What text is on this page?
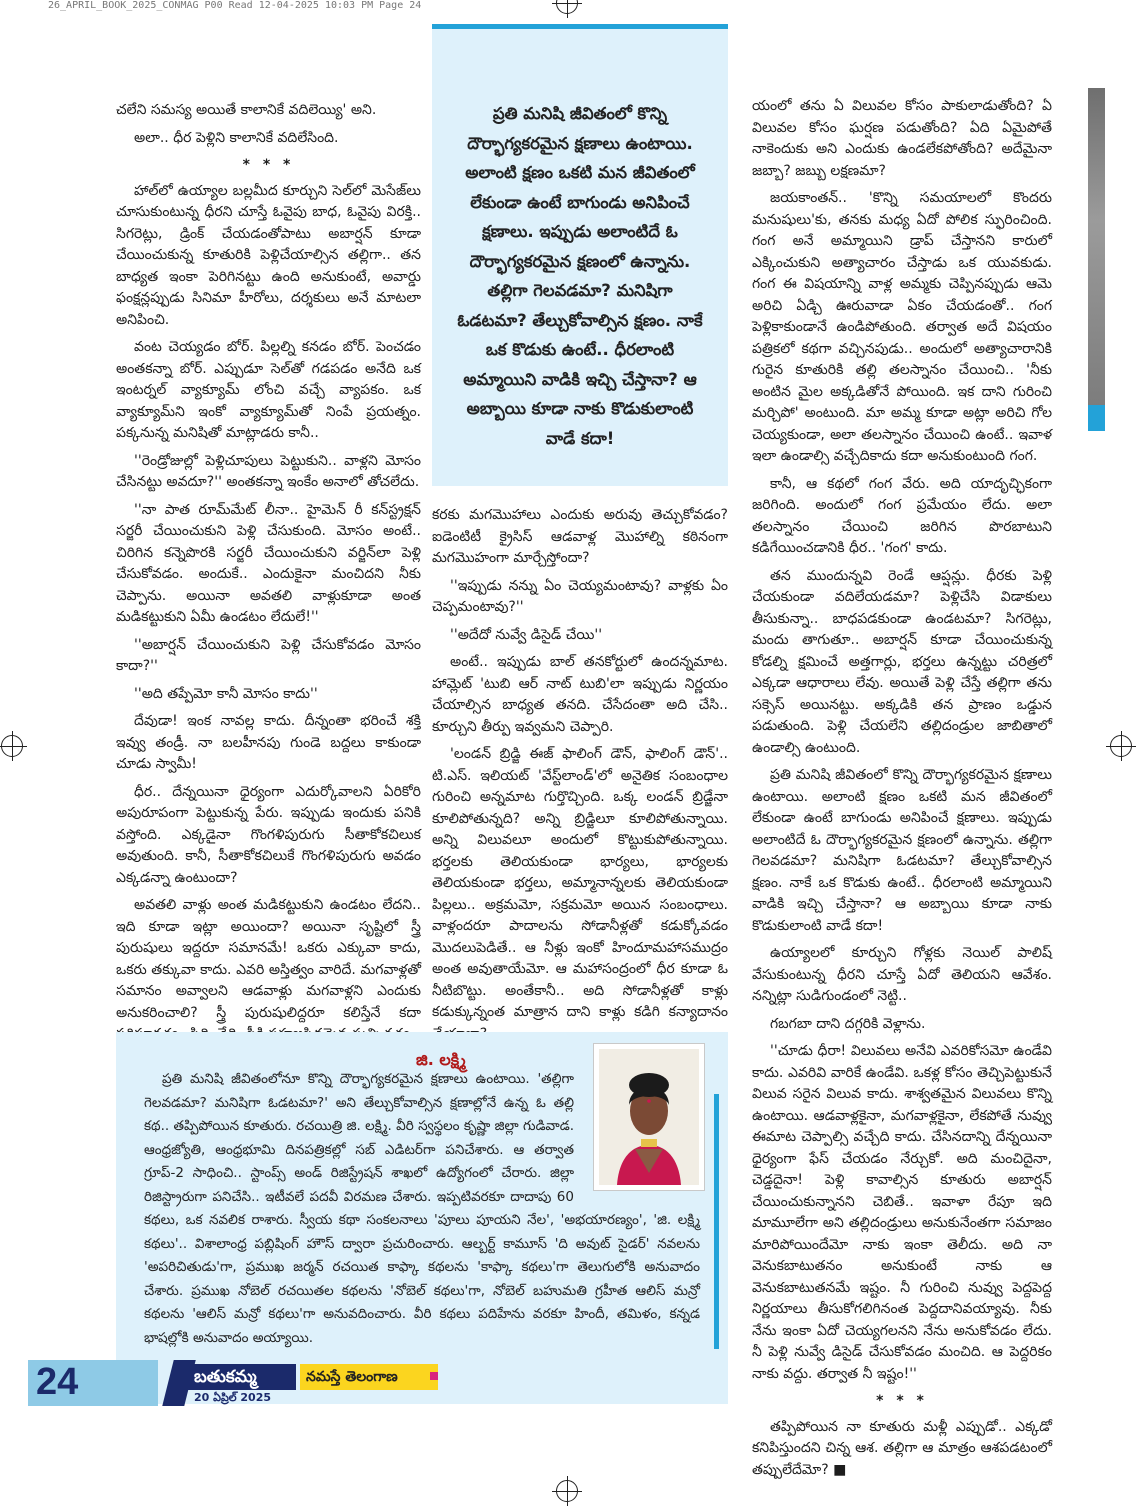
26_APRIL_BOOK_2025_CONMAG P00 Read 12-04-2025 10:03 PM Page 24

చలేని సమస్య అయితే కాలానికే వదిలెయ్యి' అని.

అలా.. ధీర పెళ్లిని కాలానికే వదిలేసింది.

* * *

హాల్‌లో ఉయ్యాల బల్లమీద కూర్చుని సెల్‌లో మెసేజ్‌లు చూసుకుంటున్న ధీరని చూస్తే ఓవైపు బాధ, ఓవైపు విరక్తి.. సిగరెట్లు, డ్రింక్ చేయడంతోపాటు అబార్షన్ కూడా చేయించుకున్న కూతురికి పెళ్లిచేయాల్సిన తల్లిగా.. తన బాధ్యత ఇంకా పెరిగినట్టు ఉంది అనుకుంటే, అవార్డు ఫంక్షన్లప్పుడు సినిమా హీరోలు, దర్శకులు అనే మాటలా అనిపించి.

వంట చెయ్యడం బోర్. పిల్లల్ని కనడం బోర్. పెంచడం అంతకన్నా బోర్. ఎప్పుడూ సెల్‌తో గడపడం అనేది ఒక ఇంటర్నల్ వ్యాక్యూమ్ లోంచి వచ్చే వ్యాపకం. ఒక వ్యాక్యూమ్‌ని ఇంకో వ్యాక్యూమ్‌తో నింపే ప్రయత్నం. పక్కనున్న మనిషితో మాట్లాడరు కానీ..

''రెండ్రోజుల్లో పెళ్లిచూపులు పెట్టుకుని.. వాళ్లని మోసం చేసినట్టు అవదూ?'' అంతకన్నా ఇంకేం అనాలో తోచలేదు.

''నా పాత రూమ్‌మేట్ లీనా.. హైమెన్ రీ కన్‌స్ట్రక్షన్ సర్జరీ చేయించుకుని పెళ్లి చేసుకుంది. మోసం అంటే.. చిరిగిన కన్నెపొరకి సర్జరీ చేయించుకుని వర్జిన్‌లా పెళ్లి చేసుకోవడం. అందుకే.. ఎందుకైనా మంచిదని నీకు చెప్పాను. అయినా అవతలి వాళ్లుకూడా అంత మడికట్టుకుని ఏమీ ఉండటం లేదులే!''

''అబార్షన్ చేయించుకుని పెళ్లి చేసుకోవడం మోసం కాదా?''

''అది తప్పేమో కానీ మోసం కాదు''

దేవుడా! ఇంక నావల్ల కాదు. దీన్నంతా భరించే శక్తి ఇవ్వు తండ్రీ. నా బలహీనపు గుండె బద్దలు కాకుండా చూడు స్వామీ!

ధీర.. దేన్నయినా ధైర్యంగా ఎదుర్కోవాలని ఏరికోరి అపురూపంగా పెట్టుకున్న పేరు. ఇప్పుడు ఇందుకు పనికి వస్తోంది. ఎక్కడైనా గొంగళిపురుగు సీతాకోకచిలుక అవుతుంది. కానీ, సీతాకోకచిలుకే గొంగళిపురుగు అవడం ఎక్కడన్నా ఉంటుందా?

అవతలి వాళ్లు అంత మడికట్టుకుని ఉండటం లేదని.. ఇది కూడా ఇట్లా అయిందా? అయినా సృష్టిలో స్త్రీ పురుషులు ఇద్దరూ సమానమే! ఒకరు ఎక్కువా కాదు, ఒకరు తక్కువా కాదు. ఎవరి అస్తిత్వం వారిదే. మగవాళ్లతో సమానం అవ్వాలని ఆడవాళ్లు మగవాళ్లని ఎందుకు అనుకరించాలి? స్త్రీ పురుషులిద్దరూ కలిస్తేనే కదా

ప్రతి మనిషి జీవితంలో కొన్ని దౌర్భాగ్యకరమైన క్షణాలు ఉంటాయి. అలాంటి క్షణం ఒకటి మన జీవితంలో లేకుండా ఉంటే బాగుండు అనిపించే క్షణాలు. ఇప్పుడు అలాంటిదే ఓ దౌర్భాగ్యకరమైన క్షణంలో ఉన్నాను. తల్లిగా గెలవడమా? మనిషిగా ఓడటమా? తేల్చుకోవాల్సిన క్షణం. నాకే ఒక కొడుకు ఉంటే.. ధీరలాంటి అమ్మాయిని వాడికి ఇచ్చి చేస్తానా? ఆ అబ్బాయి కూడా నాకు కొడుకులాంటి వాడే కదా!

కరకు మగమొహాలు ఎందుకు అరువు తెచ్చుకోవడం? ఐడెంటిటీ క్రైసిస్ ఆడవాళ్ల మొహాల్ని కఠినంగా మగమొహంగా మార్చేస్తోందా?

''ఇప్పుడు నన్ను ఏం చెయ్యమంటావు? వాళ్లకు ఏం చెప్పమంటావు?''

''అదేదో నువ్వే డిసైడ్ చేయి''

అంటే.. ఇప్పుడు బాల్ తనకోర్టులో ఉందన్నమాట. హామ్లెట్ 'టుబి ఆర్ నాట్ టుబి'లా ఇప్పుడు నిర్ణయం చేయాల్సిన బాధ్యత తనది. చేసేదంతా అది చేసి.. కూర్చుని తీర్పు ఇవ్వమని చెప్పారి.

'లండన్ బ్రిడ్జి ఈజ్ ఫాలింగ్ డౌన్, ఫాలింగ్ డౌన్'.. టి.ఎస్. ఇలియట్ 'వేస్ట్‌లాండ్'లో అనైతిక సంబంధాల గురించి అన్నమాట గుర్తొచ్చింది. ఒక్క లండన్ బ్రిడ్జేనా కూలిపోతున్నది? అన్ని బ్రిడ్జిలూ కూలిపోతున్నాయి. అన్ని విలువలూ అందులో కొట్టుకుపోతున్నాయి. భర్తలకు తెలియకుండా భార్యలు, భార్యలకు తెలియకుండా భర్తలు, అమ్మానాన్నలకు తెలియకుండా పిల్లలు.. అక్రమమో, సక్రమమో అయిన సంబంధాలు. వాళ్లందరూ పాదాలను సోడానీళ్లతో కడుక్కోవడం మొదలుపెడితే.. ఆ నీళ్లు ఇంకో హిందూమహాసముద్రం అంత అవుతాయేమో. ఆ మహాసంద్రంలో ధీర కూడా ఓ నీటిబొట్టు. అంతేకానీ.. అది సోడానీళ్లతో కాళ్లు కడుక్కున్నంత మాత్రాన దాని కాళ్లు కడిగి కన్యాదానం

యంలో తను ఏ విలువల కోసం పాకులాడుతోంది? ఏ విలువల కోసం ఘర్షణ పడుతోంది? ఏది ఏమైపోతే నాకెందుకు అని ఎందుకు ఉండలేకపోతోంది? అదేమైనా జబ్బా? జబ్బు లక్షణమా?

జయకాంతన్.. 'కొన్ని సమయాలలో కొందరు మనుషులు'కు, తనకు మధ్య ఏదో పోలిక స్ఫురించింది. గంగ అనే అమ్మాయిని డ్రాప్ చేస్తానని కారులో ఎక్కించుకుని అత్యాచారం చేస్తాడు ఒక యువకుడు. గంగ ఈ విషయాన్ని వాళ్ల అమ్మకు చెప్పినప్పుడు ఆమె అరిచి ఏడ్చి ఊరువాడా ఏకం చేయడంతో.. గంగ పెళ్లికాకుండానే ఉండిపోతుంది. తర్వాత అదే విషయం పత్రికలో కథగా వచ్చినపుడు.. అందులో అత్యాచారానికి గురైన కూతురికి తల్లి తలస్నానం చేయించి.. 'నీకు అంటిన మైల అక్కడితోనే పోయింది. ఇక దాని గురించి మర్చిపో' అంటుంది. మా అమ్మ కూడా అట్లా అరిచి గోల చెయ్యకుండా, అలా తలస్నానం చేయించి ఉంటే.. ఇవాళ ఇలా ఉండాల్సి వచ్చేదికాదు కదా అనుకుంటుంది గంగ.

కానీ, ఆ కథలో గంగ వేరు. అది యాదృచ్ఛికంగా జరిగింది. అందులో గంగ ప్రమేయం లేదు. అలా తలస్నానం చేయించి జరిగిన పొరబాటుని కడిగేయించడానికి ధీర.. 'గంగ' కాదు.

తన ముందున్నవి రెండే ఆప్షన్లు. ధీరకు పెళ్లి చేయకుండా వదిలేయడమా? పెళ్లిచేసి విడాకులు తీసుకున్నా.. బాధపడకుండా ఉండటమా? సిగరెట్లు, మందు తాగుతూ.. అబార్షన్ కూడా చేయించుకున్న కోడల్ని క్షమించే అత్తగార్లు, భర్తలు ఉన్నట్టు చరిత్రలో ఎక్కడా ఆధారాలు లేవు. అయితే పెళ్లి చేస్తే తల్లిగా తను సక్సెస్ అయినట్టు. అక్కడికి తన ప్రాణం ఒడ్డున పడుతుంది. పెళ్లి చేయలేని తల్లిదండ్రుల జాబితాలో ఉండాల్సి ఉంటుంది.

ప్రతి మనిషి జీవితంలో కొన్ని దౌర్భాగ్యకరమైన క్షణాలు ఉంటాయి. అలాంటి క్షణం ఒకటి మన జీవితంలో లేకుండా ఉంటే బాగుండు అనిపించే క్షణాలు. ఇప్పుడు అలాంటిదే ఓ దౌర్భాగ్యకరమైన క్షణంలో ఉన్నాను. తల్లిగా గెలవడమా? మనిషిగా ఓడటమా? తేల్చుకోవాల్సిన క్షణం. నాకే ఒక కొడుకు ఉంటే.. ధీరలాంటి అమ్మాయిని వాడికి ఇచ్చి చేస్తానా? ఆ అబ్బాయి కూడా నాకు కొడుకులాంటి వాడే కదా!

ఉయ్యాలలో కూర్చుని గోళ్లకు నెయిల్ పాలిష్ వేసుకుంటున్న ధీరని చూస్తే ఏదో తెలియని ఆవేశం. నన్నిట్లా సుడిగుండంలో నెట్టి..

గబగబా దాని దగ్గరికి వెళ్లాను.

''చూడు ధీరా! విలువలు అనేవి ఎవరికోసమో ఉండేవి కాదు. ఎవరివి వారికే ఉండేవి. ఒకళ్ల కోసం తెచ్చిపెట్టుకునే విలువ సరైన విలువ కాదు. శాశ్వతమైన విలువలు కొన్ని ఉంటాయి. ఆడవాళ్లకైనా, మగవాళ్లకైనా, లేకపోతే నువ్వు ఈమాట చెప్పాల్సి వచ్చేది కాదు. చేసినదాన్ని దేన్నయినా ధైర్యంగా ఫేస్ చేయడం నేర్చుకో. అది మంచిదైనా, చెడ్డదైనా! పెళ్లి కావాల్సిన కూతురు అబార్షన్ చేయించుకున్నానని చెబితే.. ఇవాళా రేపూ ఇది మామూలేగా అని తల్లిదండ్రులు అనుకునేంతగా సమాజం మారిపోయిందేమో నాకు ఇంకా తెలీదు. అది నా వెనుకబాటుతనం అనుకుంటే నాకు ఆ వెనుకబాటుతనమే ఇష్టం. నీ గురించి నువ్వు పెద్దపెద్ద నిర్ణయాలు తీసుకోగలిగినంత పెద్దదానివయ్యావు. నీకు నేను ఇంకా ఏదో చెయ్యగలనని నేను అనుకోవడం లేదు. నీ పెళ్లి నువ్వే డిసైడ్ చేసుకోవడం మంచిది. ఆ పెద్దరికం నాకు వద్దు. తర్వాత నీ ఇష్టం!''

* * *

తప్పిపోయిన నా కూతురు మళ్లీ ఎప్పుడో.. ఎక్కడో కనిపిస్తుందని చిన్న ఆశ. తల్లిగా ఆ మాత్రం ఆశపడటంలో తప్పులేదేమో? ■

జి. లక్ష్మి

ప్రతి మనిషి జీవితంలోనూ కొన్ని దౌర్భాగ్యకరమైన క్షణాలు ఉంటాయి. 'తల్లిగా గెలవడమా? మనిషిగా ఓడటమా?' అని తేల్చుకోవాల్సిన క్షణాల్లోనే ఉన్న ఓ తల్లి కథ.. తప్పిపోయిన కూతురు. రచయిత్రి జి. లక్ష్మి. వీరి స్వస్థలం కృష్ణా జిల్లా గుడివాడ. ఆంధ్రజ్యోతి, ఆంధ్రభూమి దినపత్రికల్లో సబ్ ఎడిటర్‌గా పనిచేశారు. ఆ తర్వాత గ్రూప్-2 సాధించి.. స్టాంప్స్ అండ్ రిజిస్ట్రేషన్ శాఖలో ఉద్యోగంలో చేరారు. జిల్లా రిజిస్ట్రారుగా పనిచేసి.. ఇటీవలే పదవీ విరమణ చేశారు. ఇప్పటివరకూ దాదాపు 60 కథలు, ఒక నవలిక రాశారు. స్వీయ కథా సంకలనాలు 'పూలు పూయని నేల', 'అభయారణ్యం', 'జి. లక్ష్మి కథలు'.. విశాలాంధ్ర పబ్లిషింగ్ హౌస్ ద్వారా ప్రచురించారు. ఆల్బర్ట్ కామూస్ 'ది అవుట్ సైడర్' నవలను 'అపరిచితుడు'గా, ప్రముఖ జర్మన్ రచయిత కాఫ్కా కథలను 'కాఫ్కా కథలు'గా తెలుగులోకి అనువాదం చేశారు. ప్రముఖ నోబెల్ రచయితల కథలను 'నోబెల్ కథలు'గా, నోబెల్ బహుమతి గ్రహీత ఆలిస్ మన్రో కథలను 'ఆలిస్ మన్రో కథలు'గా అనువదించారు. వీరి కథలు పదిహేను వరకూ హిందీ, తమిళం, కన్నడ భాషల్లోకి అనువాదం అయ్యాయి.

24	బతుకమ్మ
20 ఏప్రిల్ 2025
నమస్తే తెలంగాణ
